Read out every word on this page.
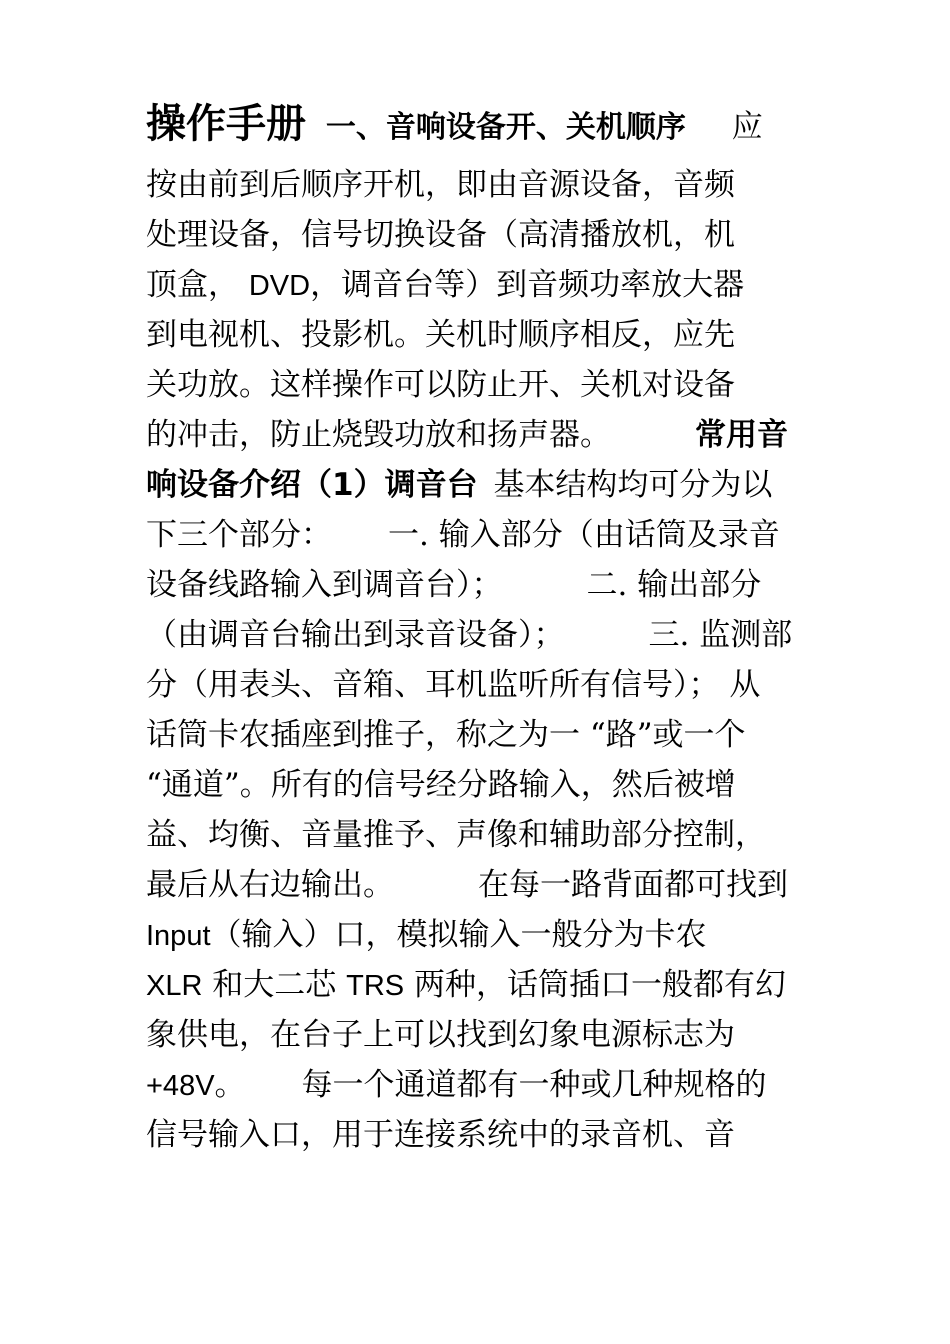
操作手册 一、音响设备开、关机顺序 应
按由前到后顺序开机，即由音源设备，音频
处理设备，信号切换设备（高清播放机，机
顶盒， DVD，调音台等）到音频功率放大器
到电视机、投影机。关机时顺序相反，应先
关功放。这样操作可以防止开、关机对设备
的冲击，防止烧毁功放和扬声器。	常用音
响设备介绍（1）调音台 基本结构均可分为以
下三个部分： 一. 输入部分（由话筒及录音
设备线路输入到调音台）；	二. 输出部分
（由调音台输出到录音设备）；	三. 监测部
分（用表头、音箱、耳机监听所有信号）； 从
话筒卡农插座到推子，称之为一 “路”或一个
“通道”。所有的信号经分路输入，然后被增
益、均衡、音量推予、声像和辅助部分控制，
最后从右边输出。	在每一路背面都可找到
Input（输入）口，模拟输入一般分为卡农
XLR 和大二芯 TRS 两种，话筒插口一般都有幻
象供电，在台子上可以找到幻象电源标志为
+48V。 每一个通道都有一种或几种规格的
信号输入口，用于连接系统中的录音机、音
